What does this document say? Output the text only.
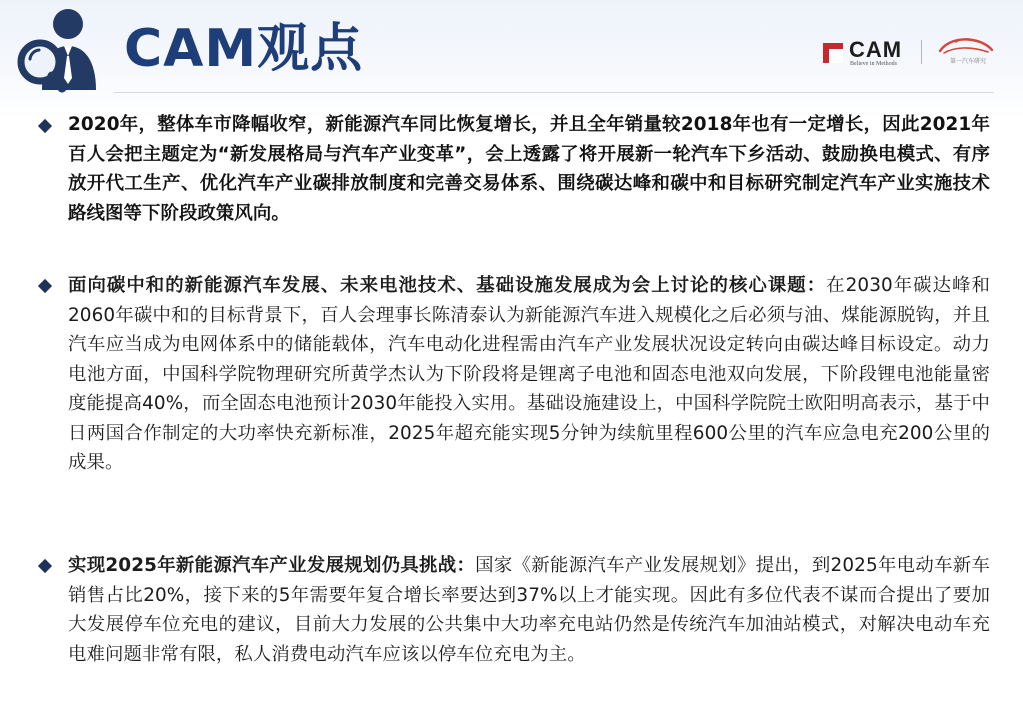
CAM观点	CAM
Believe in Methods	第一汽车研究
2020年，整体车市降幅收窄，新能源汽车同比恢复增长，并且全年销量较2018年也有一定增长，因此2021年百人会把主题定为“新发展格局与汽车产业变革”，会上透露了将开展新一轮汽车下乡活动、鼓励换电模式、有序放开代工生产、优化汽车产业碳排放制度和完善交易体系、围绕碳达峰和碳中和目标研究制定汽车产业实施技术路线图等下阶段政策风向。
面向碳中和的新能源汽车发展、未来电池技术、基础设施发展成为会上讨论的核心课题：在2030年碳达峰和2060年碳中和的目标背景下，百人会理事长陈清泰认为新能源汽车进入规模化之后必须与油、煤能源脱钩，并且汽车应当成为电网体系中的储能载体，汽车电动化进程需由汽车产业发展状况设定转向由碳达峰目标设定。动力电池方面，中国科学院物理研究所黄学杰认为下阶段将是锂离子电池和固态电池双向发展，下阶段锂电池能量密度能提高40%，而全固态电池预计2030年能投入实用。基础设施建设上，中国科学院院士欧阳明高表示，基于中日两国合作制定的大功率快充新标准，2025年超充能实现5分钟为续航里程600公里的汽车应急电充200公里的成果。
实现2025年新能源汽车产业发展规划仍具挑战：国家《新能源汽车产业发展规划》提出，到2025年电动车新车销售占比20%，接下来的5年需要年复合增长率要达到37%以上才能实现。因此有多位代表不谋而合提出了要加大发展停车位充电的建议，目前大力发展的公共集中大功率充电站仍然是传统汽车加油站模式，对解决电动车充电难问题非常有限，私人消费电动汽车应该以停车位充电为主。
